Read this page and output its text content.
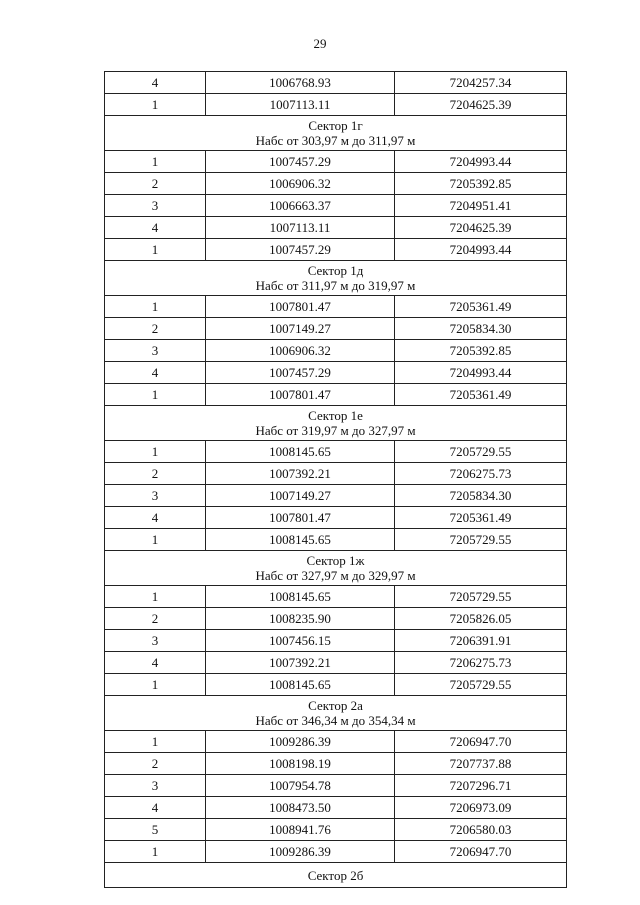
29
4	1006768.93	7204257.34
1	1007113.11	7204625.39

Сектор 1г
Набс от 303,97 м до 311,97 м		

1	1007457.29	7204993.44
2	1006906.32	7205392.85
3	1006663.37	7204951.41
4	1007113.11	7204625.39
1	1007457.29	7204993.44

Сектор 1д
Набс от 311,97 м до 319,97 м		

1	1007801.47	7205361.49
2	1007149.27	7205834.30
3	1006906.32	7205392.85
4	1007457.29	7204993.44
1	1007801.47	7205361.49

Сектор 1е
Набс от 319,97 м до 327,97 м		

1	1008145.65	7205729.55
2	1007392.21	7206275.73
3	1007149.27	7205834.30
4	1007801.47	7205361.49
1	1008145.65	7205729.55

Сектор 1ж
Набс от 327,97 м до 329,97 м		

1	1008145.65	7205729.55
2	1008235.90	7205826.05
3	1007456.15	7206391.91
4	1007392.21	7206275.73
1	1008145.65	7205729.55

Сектор 2а
Набс от 346,34 м до 354,34 м		

1	1009286.39	7206947.70
2	1008198.19	7207737.88
3	1007954.78	7207296.71
4	1008473.50	7206973.09
5	1008941.76	7206580.03
1	1009286.39	7206947.70

Сектор 2б		
